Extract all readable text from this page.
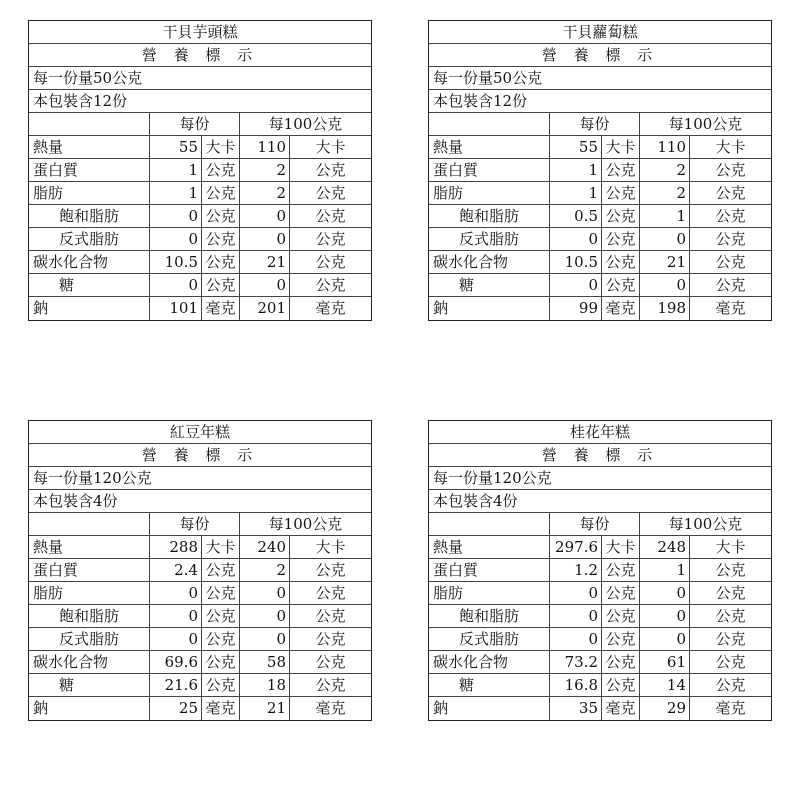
干貝芋頭糕
營 養 標 示
每一份量50公克
本包裝含12份
每份	每100公克
熱量	55 大卡	110	大卡
蛋白質	1 公克	2	公克
脂肪	1 公克	2	公克
飽和脂肪	0 公克	0	公克
反式脂肪	0 公克	0	公克
碳水化合物	10.5 公克	21	公克
糖	0 公克	0	公克
鈉	101 毫克	201	毫克
干貝蘿蔔糕
營 養 標 示
每一份量50公克
本包裝含12份
每份	每100公克
熱量	55 大卡	110	大卡
蛋白質	1 公克	2	公克
脂肪	1 公克	2	公克
飽和脂肪	0.5 公克	1	公克
反式脂肪	0 公克	0	公克
碳水化合物	10.5 公克	21	公克
糖	0 公克	0	公克
鈉	99 毫克	198	毫克
紅豆年糕
營 養 標 示
每一份量120公克
本包裝含4份
每份	每100公克
熱量	288 大卡	240	大卡
蛋白質	2.4 公克	2	公克
脂肪	0 公克	0	公克
飽和脂肪	0 公克	0	公克
反式脂肪	0 公克	0	公克
碳水化合物	69.6 公克	58	公克
糖	21.6 公克	18	公克
鈉	25 毫克	21	毫克
桂花年糕
營 養 標 示
每一份量120公克
本包裝含4份
每份	每100公克
熱量	297.6 大卡	248	大卡
蛋白質	1.2 公克	1	公克
脂肪	0 公克	0	公克
飽和脂肪	0 公克	0	公克
反式脂肪	0 公克	0	公克
碳水化合物	73.2 公克	61	公克
糖	16.8 公克	14	公克
鈉	35 毫克	29	毫克
